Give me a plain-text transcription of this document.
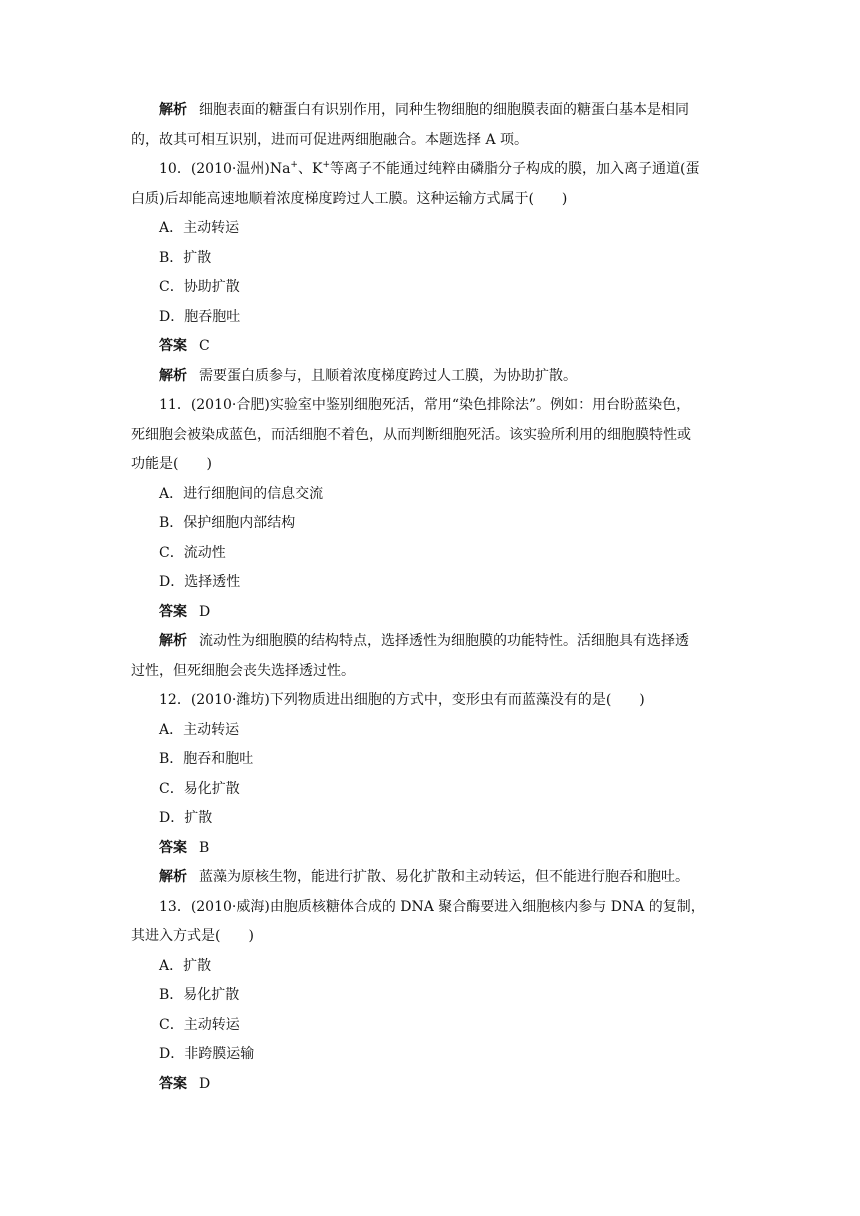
解析 细胞表面的糖蛋白有识别作用，同种生物细胞的细胞膜表面的糖蛋白基本是相同
的，故其可相互识别，进而可促进两细胞融合。本题选择 A 项。
10．(2010·温州)Na+、K+等离子不能通过纯粹由磷脂分子构成的膜，加入离子通道(蛋
白质)后却能高速地顺着浓度梯度跨过人工膜。这种运输方式属于(　　)
A．主动转运
B．扩散
C．协助扩散
D．胞吞胞吐
答案 C
解析 需要蛋白质参与，且顺着浓度梯度跨过人工膜，为协助扩散。
11．(2010·合肥)实验室中鉴别细胞死活，常用“染色排除法”。例如：用台盼蓝染色，
死细胞会被染成蓝色，而活细胞不着色，从而判断细胞死活。该实验所利用的细胞膜特性或
功能是(　　)
A．进行细胞间的信息交流
B．保护细胞内部结构
C．流动性
D．选择透性
答案 D
解析 流动性为细胞膜的结构特点，选择透性为细胞膜的功能特性。活细胞具有选择透
过性，但死细胞会丧失选择透过性。
12．(2010·潍坊)下列物质进出细胞的方式中，变形虫有而蓝藻没有的是(　　)
A．主动转运
B．胞吞和胞吐
C．易化扩散
D．扩散
答案 B
解析 蓝藻为原核生物，能进行扩散、易化扩散和主动转运，但不能进行胞吞和胞吐。
13．(2010·威海)由胞质核糖体合成的 DNA 聚合酶要进入细胞核内参与 DNA 的复制，
其进入方式是(　　)
A．扩散
B．易化扩散
C．主动转运
D．非跨膜运输
答案 D
